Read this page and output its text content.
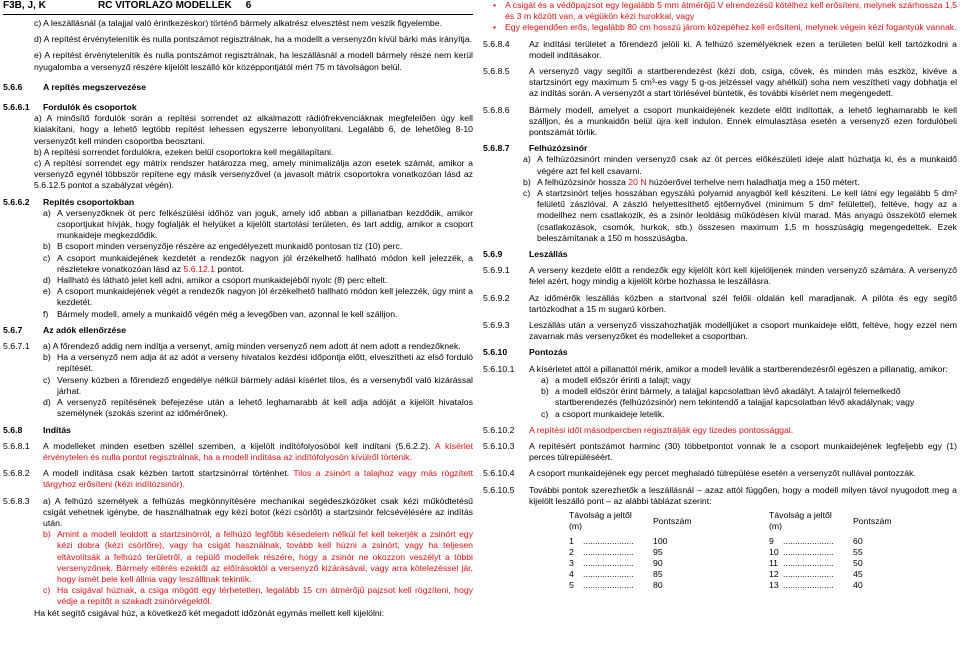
F3B, J, K	RC VITORLÁZÓ MODELLEK 6

c) A leszállásnál (a talajjal való érintkezéskor) történő bármely alkatrész elvesztést nem veszik figyelembe.

d) A repítést érvénytelenítik és nulla pontszámot regisztrálnak, ha a modellt a versenyzőn kívül bárki más irányítja.

e) A repítést érvénytelenítik és nulla pontszámot regisztrálnak, ha leszállásnál a modell bármely része nem kerül nyugalomba a versenyző részére kijelölt leszálló kör középpontjától mért 75 m távolságon belül.

5.6.6	A repítés megszervezése
5.6.6.1	Fordulók és csoportok

a) A minősítő fordulók során a repítési sorrendet az alkalmazott rádiófrekvenciáknak megfelelően úgy kell kialakítani, hogy a lehető legtöbb repítést lehessen egyszerre lebonyolítani. Legalább 6, de lehetőleg 8-10 versenyzőt kell minden csoportba beosztani.

b) A repítési sorrendet fordulókra, ezeken belül csoportokra kell megállapítani.

c) A repítési sorrendet egy mátrix rendszer határozza meg, amely minimalizálja azon esetek számát, amikor a versenyző egynél többször repítene egy másik versenyzővel (a javasolt mátrix csoportokra vonatkozóan lásd az 5.6.12.5 pontot a szabályzat végén).

5.6.6.2	Repítés csoportokban
a) A versenyzőknek öt perc felkészülési időhöz van joguk, amely idő abban a pillanatban kezdődik, amikor csoportjukat hívják, hogy foglalják el helyüket a kijelölt startolási területen, és tart addig, amikor a csoport munkaideje megkezdődik.
b) B csoport minden versenyzője részére az engedélyezett munkaidő pontosan tíz (10) perc.
c) A csoport munkaidejének kezdetét a rendezők nagyon jól érzékelhető hallható módon kell jelezzék, a részletekre vonatkozóan lásd az 5.6.12.1 pontot.
d) Hallható és látható jelet kell adni, amikor a csoport munkaidejéből nyolc (8) perc eltelt.
e) A csoport munkaidejének végét a rendezők nagyon jól érzékelhető hallható módon kell jelezzék, úgy mint a kezdetét.
f) Bármely modell, amely a munkaidő végén még a levegőben van, azonnal le kell szálljon.
5.6.7	Az adók ellenőrzése
5.6.7.1	a) A főrendező addig nem indítja a versenyt, amíg minden versenyző nem adott át nem adott a rendezőknek.
b) Ha a versenyző nem adja át az adót a verseny hivatalos kezdési időpontja előtt, elveszítheti az első forduló repítését.
c) Verseny közben a főrendező engedélye nélkül bármely adási kísérlet tilos, és a versenyből való kizárással járhat.
d) A versenyző repítésének befejezése után a lehető leghamarabb át kell adja adóját a kijelölt hivatalos személynek (szokás szerint az időmérőnek).
5.6.8	Indítás
5.6.8.1	A modelleket minden esetben széllel szemben, a kijelölt indítófolyosóból kell indítani (5.6.2.2). A kísérlet érvénytelen és nulla pontot regisztrálnak, ha a modell indítása az indítófolyosón kívülről történik.
5.6.8.2	A modell indítása csak kézben tartott startzsinórral történhet. Tilos a zsinórt a talajhoz vagy más rögzített tárgyhoz erősíteni (kézi indítózsinór).
5.6.8.3	a) A felhúzó személyek a felhúzás megkönnyítésére mechanikai segédeszközöket csak kézi működtetésű csigát vehetnek igénybe, de használhatnak egy kézi botot (kézi csörlőt) a startzsinór felcsévélésére az indítás után.
b) Amint a modell leoldott a startzsinórról, a felhúzó legfőbb késedelem nélkül fel kell tekerjék a zsinórt egy kézi dobra (kézi csörlőre), vagy ha csigát használnak, tovább kell húzni a zsinórt, vagy ha teljesen eltávolítsák a felhúzó területről, a repülő modellek részére, hogy a zsinór ne okozzon veszélyt a többi versenyzőnek. Bármely eltérés ezektől az előírásoktól a versenyző kizárásával, vagy arra kötelezéssel jár, hogy ismét bele kell állnia vagy leszálltnak tekintik.
c) Ha csigával húznak, a csiga mögött egy térhetetlen, legalább 15 cm átmérőjű pajzsot kell rögzíteni, hogy védje a repítőt a szakadt zsinórvégektől.

Ha két segítő csigával húz, a következő két megadott időzónát egymás mellett kell kijelölni:

•	A csigát és a védőpajzsot egy legalább 5 mm átmérőjű V elrendezésű kötélhez kell erősíteni, melynek szárhossza 1,5 és 3 m között van, a végükön kézi hurokkal, vagy
•	Egy elegendően erős, legalább 80 cm hosszú járom közepéhez kell erősíteni, melynek végein kézi fogantyúk vannak.
5.6.8.4	Az indítási területet a főrendező jelöli ki. A felhúzó személyeknek ezen a területen belül kell tartózkodni a modell indításakor.
5.6.8.5	A versenyző vagy segítői a startberendezést (kézi dob, csiga, cövek, és minden más eszköz, kivéve a startzsinórt egy maximum 5 cm³-es vagy 5 g-os jelzéssel vagy ahélkül) soha nem veszítheti vagy dobhatja el az indítás során. A versenyzőt a start törlésével büntetik, és további kísérlet nem megengedett.
5.6.8.6	Bármely modell, amelyet a csoport munkaidejének kezdete előtt indítottak, a lehető leghamarabb le kell szálljon, és a munkaidőn belül újra kell indulon. Ennek elmulasztása esetén a versenyző ezen fordulóbeli pontszámát törlik.
5.6.8.7	Felhúzózsinór
a) A felhúzózsinórt minden versenyző csak az öt perces előkészületi ideje alatt húzhatja ki, és a munkaidő végére azt fel kell csavarni.
b) A felhúzózsinór hossza 20 N húzóerővel terhelve nem haladhatja meg a 150 métert.
c) A startzsinórt teljes hosszában egyszálú polyamid anyagból kell készíteni. Le kell látni egy legalább 5 dm² felületű zászlóval. A zászló helyettesíthető ejtőernyővel (minimum 5 dm² felülettel), feltéve, hogy az a modellhez nem csatlakozik, és a zsinór leoldásig működésen kívül marad. Más anyagú összekötő elemek (csatlakozások, csomók, hurkok, stb.) összesen maximum 1,5 m hosszúságig megengedettek. Ezek beleszámítanak a 150 m hosszúságba.
5.6.9	Leszállás
5.6.9.1	A verseny kezdete előtt a rendezők egy kijelölt kört kell kijelöljenek minden versenyző számára. A versenyző felel azért, hogy mindig a kijelölt körbe hozhassa le leszállásra.
5.6.9.2	Az időmérők leszállás közben a startvonal szél felőli oldalán kell maradjanak. A pilóta és egy segítő tartózkodhat a 15 m sugarú körben.
5.6.9.3	Leszállás után a versenyző visszahozhatják modelljüket a csoport munkaideje előtt, feltéve, hogy ezzel nem zavarnak más versenyzőket és modelleket a csoportban.
5.6.10	Pontozás
5.6.10.1	A kísérletet attól a pillanattól mérik, amikor a modell leválik a startberendezésről egészen a pillanatig, amikor:
a) a modell először érinti a talajt; vagy
b) a modell először érint bármely, a talajjal kapcsolatban lévő akadályt. A talajról felemelkedő startberendezés (felhúzózsinór) nem tekintendő a talajjal kapcsolatban lévő akadálynak; vagy
c) a csoport munkaideje letelik.
5.6.10.2	A repítési időt másodpercben regisztrálják egy tizedes pontossággal.
5.6.10.3	A repítésért pontszámot harminc (30) többetpontot vonnak le a csoport munkaidejének legfeljebb egy (1) perces túlrepüléséért.
5.6.10.4	A csoport munkaidejének egy percet meghaladó túlrepülése esetén a versenyzőt nullával pontozzák.
5.6.10.5	További pontok szerezhetők a leszállásnál – azaz attól függően, hogy a modell milyen távol nyugodott meg a kijelölt leszálló pont – az alábbi táblázat szerint:
Távolság a jeltől (m)		Pontszám		Távolság a jeltől (m)		Pontszám
1	.....................	100		9	.....................	60
2	.....................	95		10	.....................	55
3	.....................	90		11	.....................	50
4	.....................	85		12	.....................	45
5	.....................	80		13	.....................	40
